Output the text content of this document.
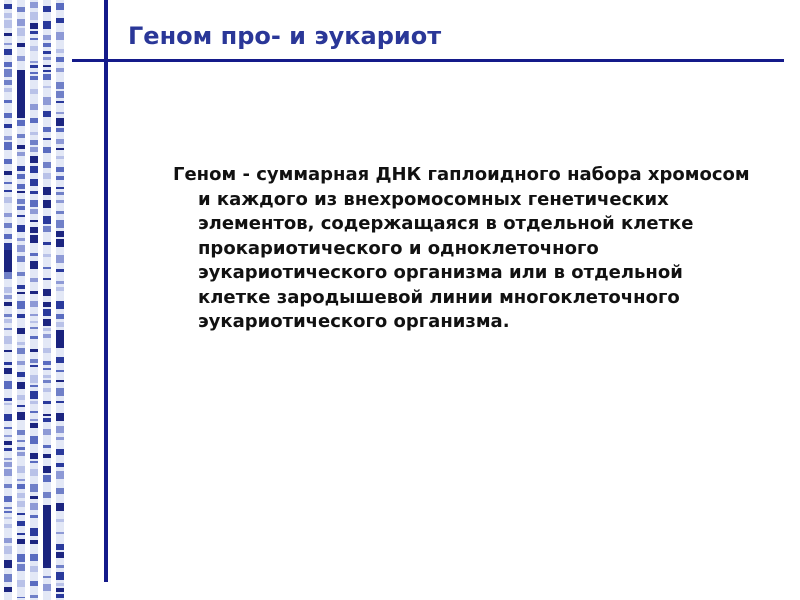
Геном про- и эукариот

Геном - суммарная ДНК гаплоидного набора хромосом и каждого из внехромосомных генетических элементов, содержащаяся в отдельной клетке прокариотического и одноклеточного эукариотического организма или в отдельной клетке зародышевой линии многоклеточного эукариотического организма.
